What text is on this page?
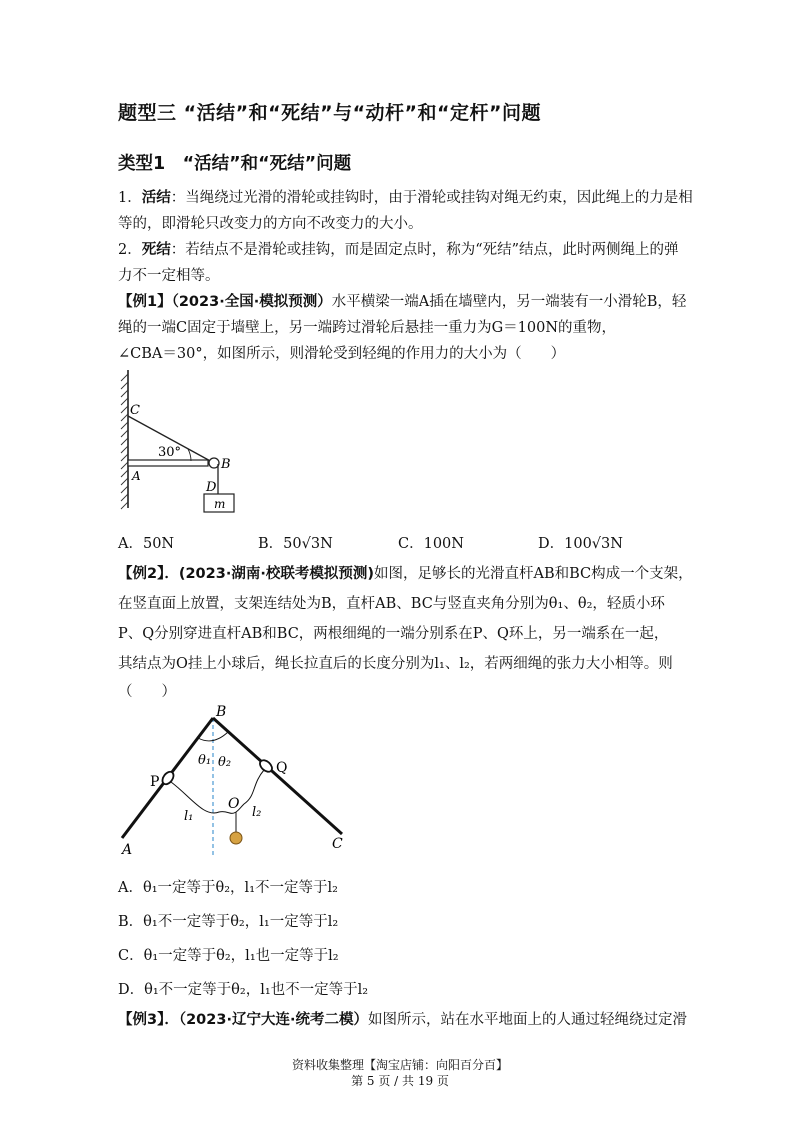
题型三 “活结”和“死结”与“动杆”和“定杆”问题
类型1　“活结”和“死结”问题
1．活结：当绳绕过光滑的滑轮或挂钩时，由于滑轮或挂钩对绳无约束，因此绳上的力是相
等的，即滑轮只改变力的方向不改变力的大小。
2．死结：若结点不是滑轮或挂钩，而是固定点时，称为“死结”结点，此时两侧绳上的弹
力不一定相等。
【例1】（2023·全国·模拟预测）水平横梁一端A插在墙壁内，另一端装有一小滑轮B，轻
绳的一端C固定于墙壁上，另一端跨过滑轮后悬挂一重力为G＝100N的重物，
∠CBA＝30°，如图所示，则滑轮受到轻绳的作用力的大小为（　　）
C
A
B
D
30°
m
A．50N	B．50√3N	C．100N	D．100√3N
【例2】．(2023·湖南·校联考模拟预测)如图，足够长的光滑直杆AB和BC构成一个支架，
在竖直面上放置，支架连结处为B，直杆AB、BC与竖直夹角分别为θ₁、θ₂，轻质小环
P、Q分别穿进直杆AB和BC，两根细绳的一端分别系在P、Q环上，另一端系在一起，
其结点为O挂上小球后，绳长拉直后的长度分别为l₁、l₂，若两细绳的张力大小相等。则
（　　）
B
P
Q
O
A	C
θ₁ θ₂
l₁	l₂
A．θ₁一定等于θ₂，l₁不一定等于l₂
B．θ₁不一定等于θ₂，l₁一定等于l₂
C．θ₁一定等于θ₂，l₁也一定等于l₂
D．θ₁不一定等于θ₂，l₁也不一定等于l₂
【例3】．（2023·辽宁大连·统考二模）如图所示，站在水平地面上的人通过轻绳绕过定滑
资料收集整理【淘宝店铺：向阳百分百】
第 5 页 / 共 19 页
